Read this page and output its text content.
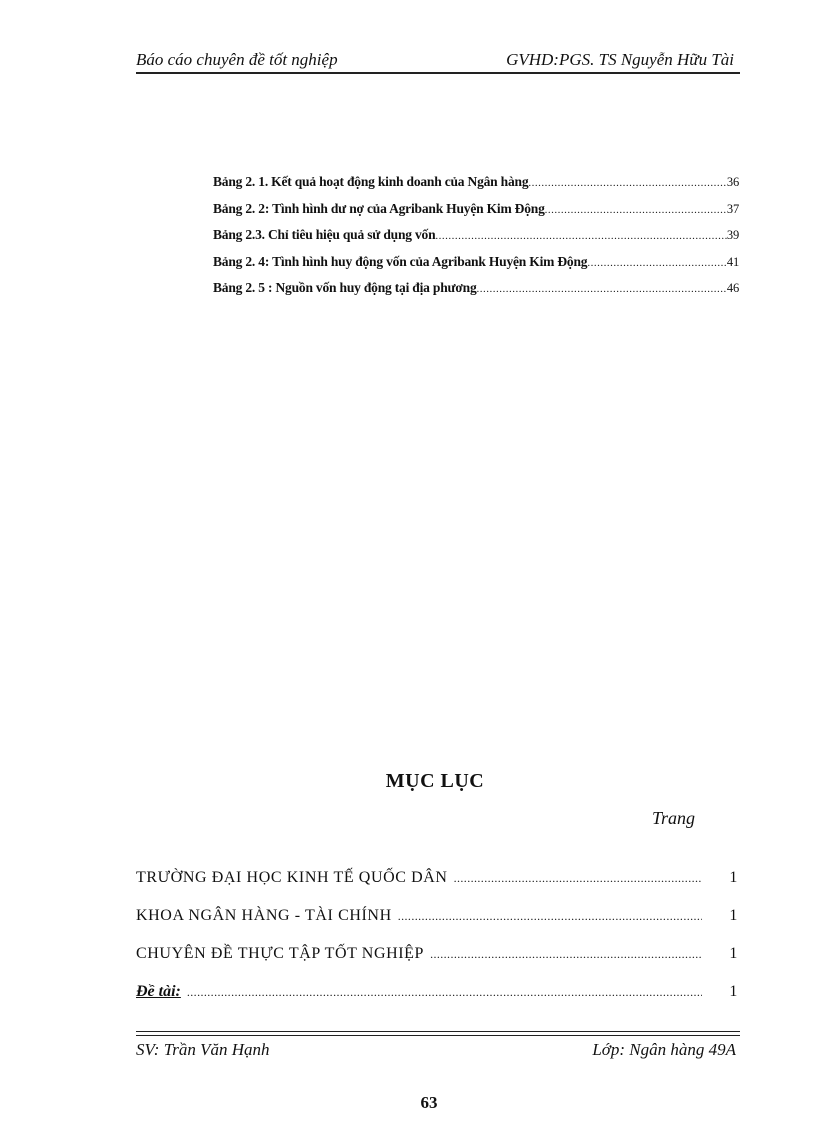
Báo cáo chuyên đề tốt nghiệp	GVHD:PGS. TS Nguyễn Hữu Tài
Bảng 2. 1. Kết quả hoạt động kinh doanh của Ngân hàng .....	36
Bảng 2. 2: Tình hình dư nợ của Agribank Huyện Kim Động .....	37
Bảng 2.3. Chỉ tiêu hiệu quả sử dụng vốn .....	39
Bảng 2. 4: Tình hình huy động vốn của Agribank Huyện Kim Động .....	41
Bảng 2. 5 : Nguồn vốn huy động tại địa phương .....	46
MỤC LỤC
Trang
TRƯỜNG ĐẠI HỌC KINH TẾ QUỐC DÂN .....	1
KHOA NGÂN HÀNG - TÀI CHÍNH .....	1
CHUYÊN ĐỀ THỰC TẬP TỐT NGHIỆP .....	1
Đề tài: .....	1
SV: Trần Văn Hạnh	Lớp: Ngân hàng 49A
63
